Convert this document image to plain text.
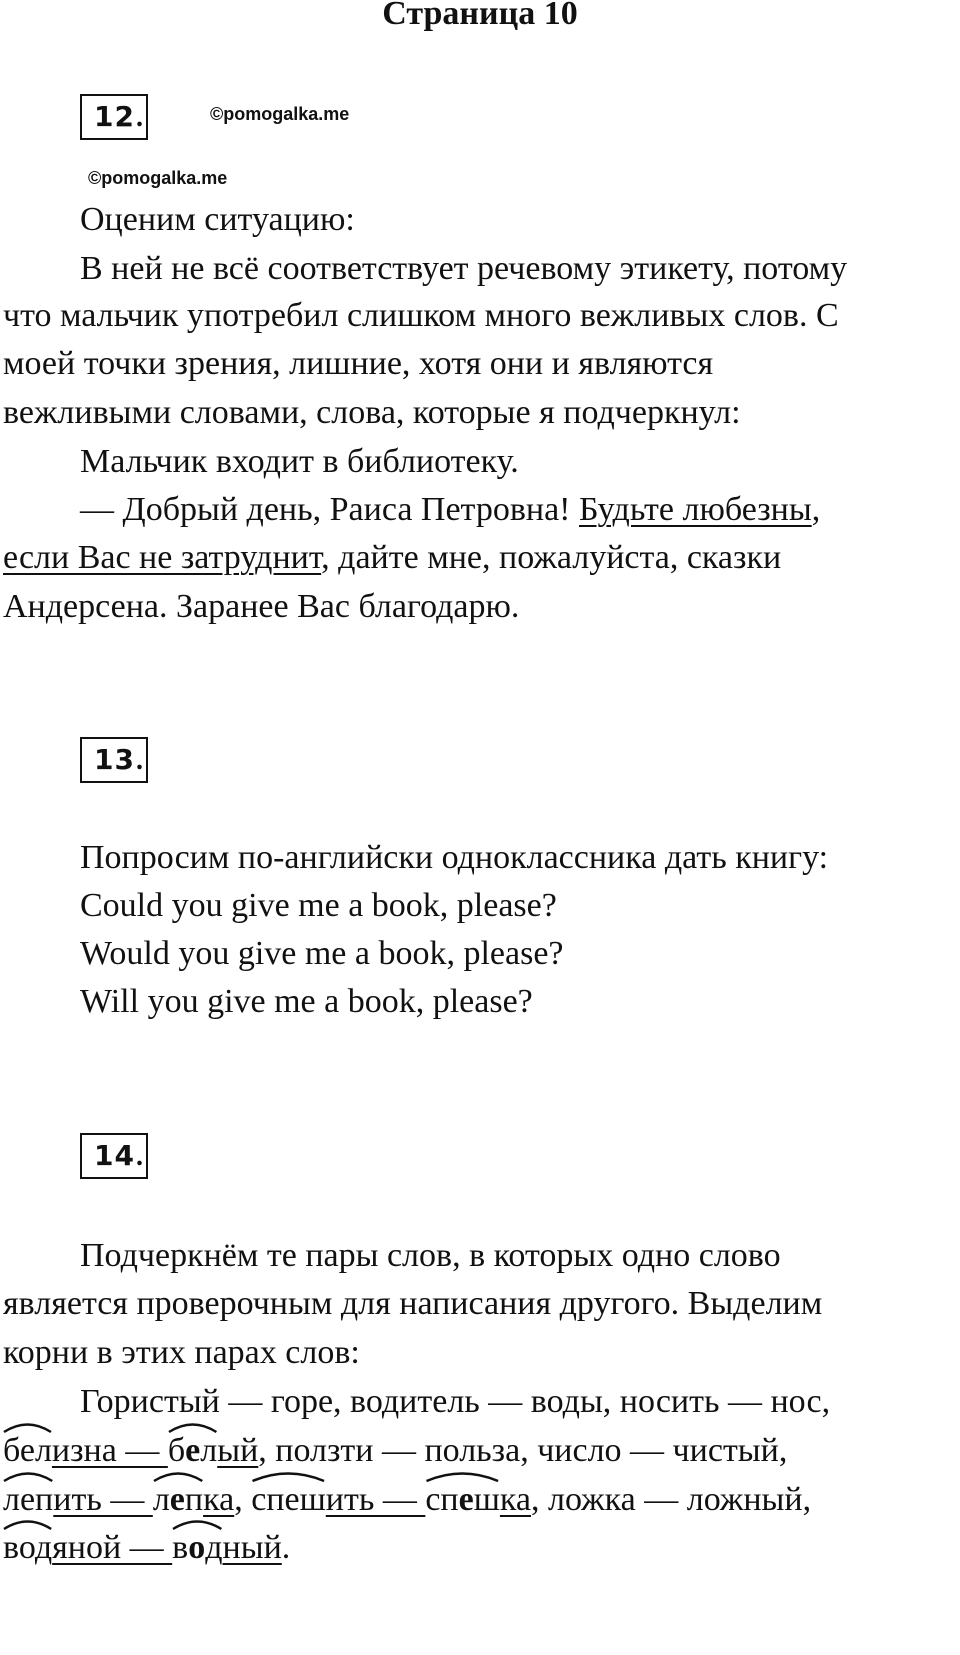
Страница 10
12.	©pomogalka.me
©pomogalka.me
Оценим ситуацию:
В ней не всё соответствует речевому этикету, потому
что мальчик употребил слишком много вежливых слов. С
моей точки зрения, лишние, хотя они и являются
вежливыми словами, слова, которые я подчеркнул:
Мальчик входит в библиотеку.
— Добрый день, Раиса Петровна! Будьте любезны,
если Вас не затруднит, дайте мне, пожалуйста, сказки
Андерсена. Заранее Вас благодарю.
13.
Попросим по-английски одноклассника дать книгу:
Could you give me a book, please?
Would you give me a book, please?
Will you give me a book, please?
14.
Подчеркнём те пары слов, в которых одно слово
является проверочным для написания другого. Выделим
корни в этих парах слов:
Гористый — горе, водитель — воды, носить — нос,
бел
изна — бел
ый, ползти — польза, число — чистый,
леп
ить — леп
ка, спеш
ить — спеш
ка, ложка — ложный,
вод
яной — вод
ный.
